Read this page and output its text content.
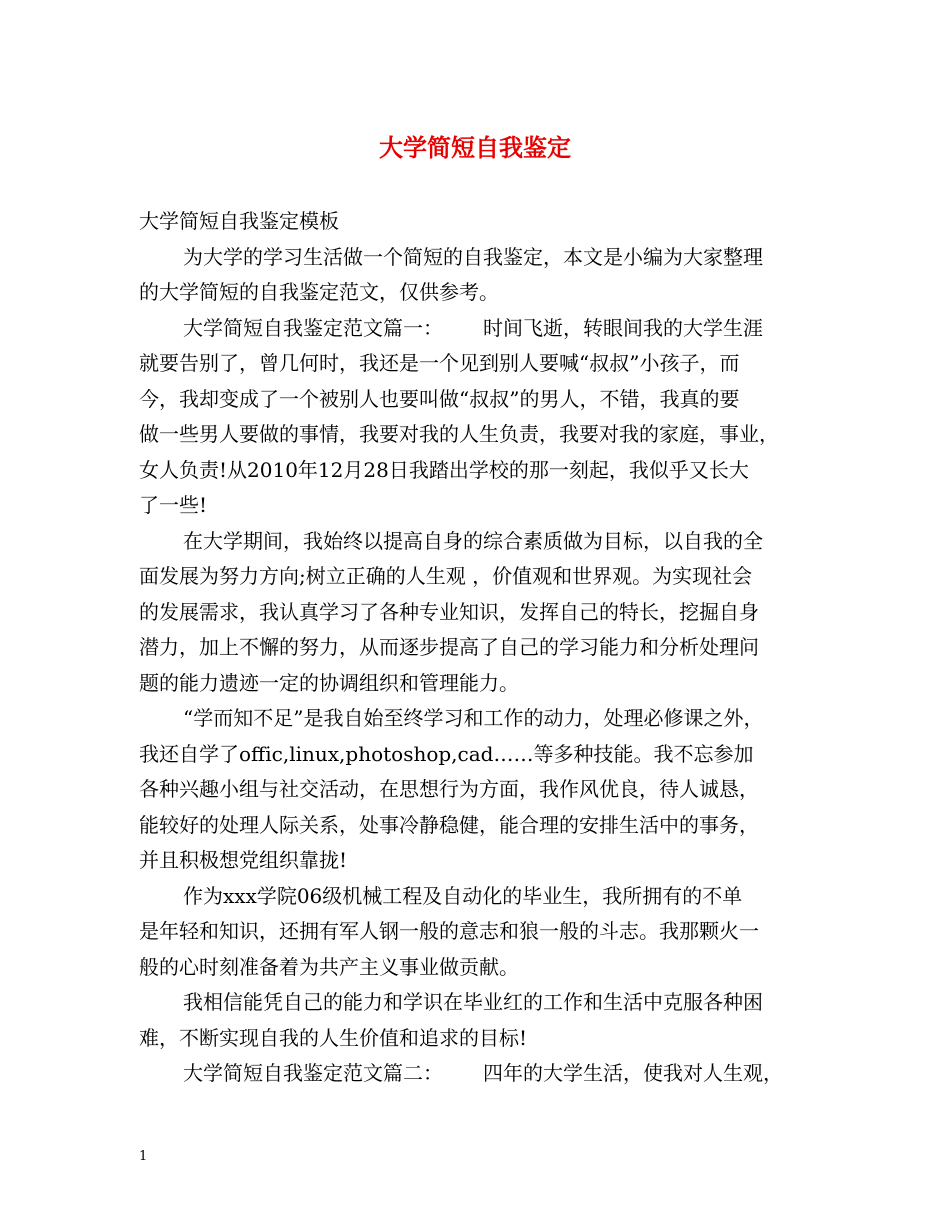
大学简短自我鉴定
大学简短自我鉴定模板
为大学的学习生活做一个简短的自我鉴定，本文是小编为大家整理
的大学简短的自我鉴定范文，仅供参考。
大学简短自我鉴定范文篇一： 时间飞逝，转眼间我的大学生涯
就要告别了，曾几何时，我还是一个见到别人要喊“叔叔”小孩子，而
今，我却变成了一个被别人也要叫做“叔叔”的男人，不错，我真的要
做一些男人要做的事情，我要对我的人生负责，我要对我的家庭，事业，
女人负责!从2010年12月28日我踏出学校的那一刻起，我似乎又长大
了一些!
在大学期间，我始终以提高自身的综合素质做为目标，以自我的全
面发展为努力方向;树立正确的人生观 ，价值观和世界观。为实现社会
的发展需求，我认真学习了各种专业知识，发挥自己的特长，挖掘自身
潜力，加上不懈的努力，从而逐步提高了自己的学习能力和分析处理问
题的能力遗迹一定的协调组织和管理能力。
“学而知不足”是我自始至终学习和工作的动力，处理必修课之外，
我还自学了offic,linux,photoshop,cad……等多种技能。我不忘参加
各种兴趣小组与社交活动，在思想行为方面，我作风优良，待人诚恳，
能较好的处理人际关系，处事冷静稳健，能合理的安排生活中的事务，
并且积极想党组织靠拢!
作为xxx学院06级机械工程及自动化的毕业生，我所拥有的不单
是年轻和知识，还拥有军人钢一般的意志和狼一般的斗志。我那颗火一
般的心时刻准备着为共产主义事业做贡献。
我相信能凭自己的能力和学识在毕业红的工作和生活中克服各种困
难，不断实现自我的人生价值和追求的目标!
大学简短自我鉴定范文篇二： 四年的大学生活，使我对人生观，
1
